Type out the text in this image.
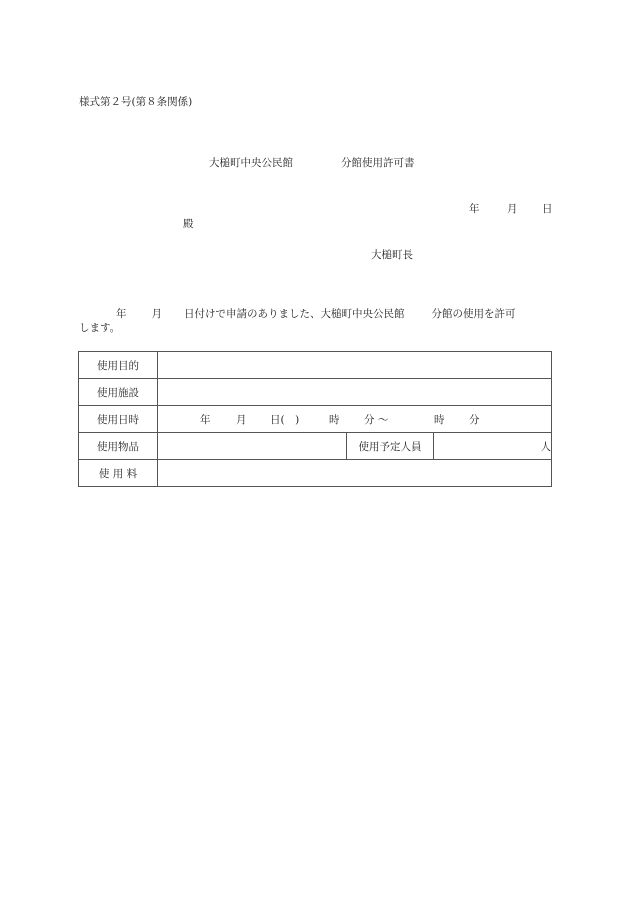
様式第２号(第８条関係)
大槌町中央公民館	分館使用許可書
年	月 日
殿
大槌町長
年 月 日付けで申請のありました、大槌町中央公民館	分館の使用を許可
します。
使用目的			
使用施設			
使用日時	年 月 日(　)	時 分 ～	時 分

使用物品		使用予定人員	人
使 用 料			
